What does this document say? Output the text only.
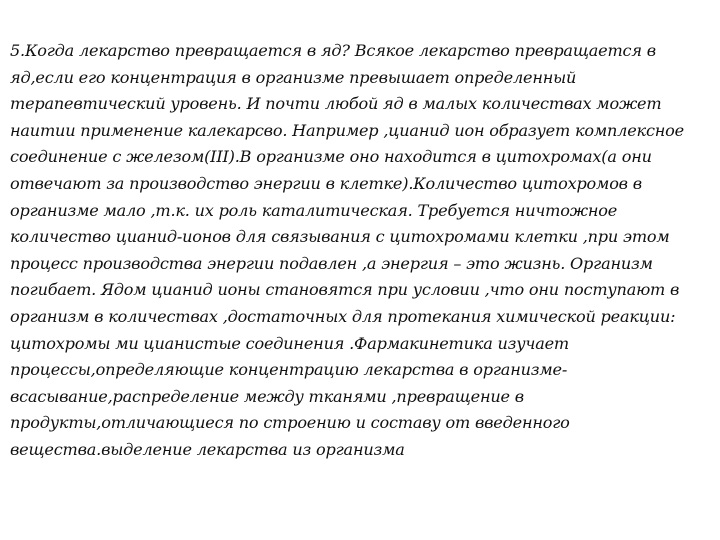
5.Когда лекарство превращается в яд? Всякое лекарство превращается в
яд,если его концентрация в организме превышает определенный
терапевтический уровень. И почти любой яд в малых количествах может
наитии применение калекарсво. Например ,цианид ион образует комплексное
соединение с железом(III).В организме оно находится в цитохромах(а они
отвечают за производство энергии в клетке).Количество цитохромов в
организме мало ,т.к. их роль каталитическая. Требуется ничтожное
количество цианид-ионов для связывания с цитохромами клетки ,при этом
процесс производства энергии подавлен ,а энергия – это жизнь. Организм
погибает. Ядом цианид ионы становятся при условии ,что они поступают в
организм в количествах ,достаточных для протекания химической реакции:
цитохромы ми цианистые соединения .Фармакинетика изучает
процессы,определяющие концентрацию лекарства в организме-
всасывание,распределение между тканями ,превращение в
продукты,отличающиеся по строению и составу от введенного
вещества.выделение лекарства из организма
